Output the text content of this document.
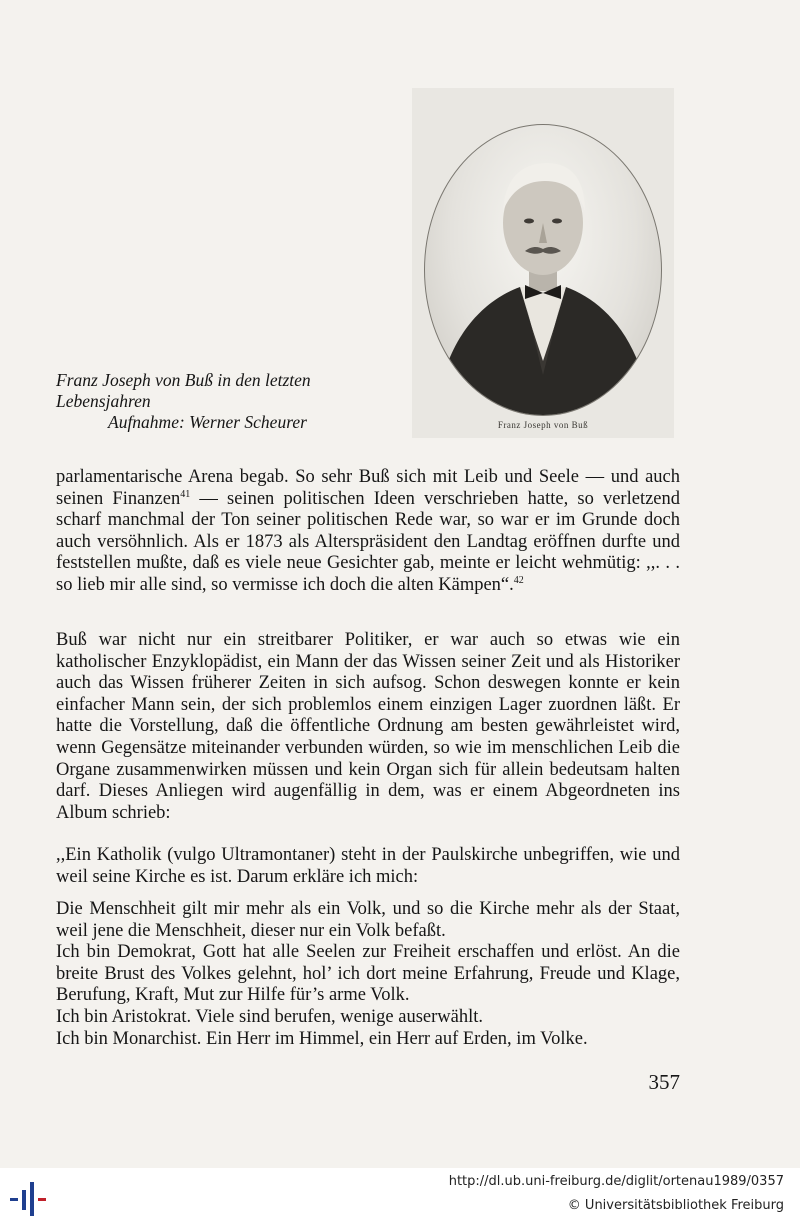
Franz Joseph von Buß
Franz Joseph von Buß in den letzten
Lebensjahren
Aufnahme: Werner Scheurer

parlamentarische Arena begab. So sehr Buß sich mit Leib und Seele — und auch seinen Finanzen$^{41}$ — seinen politischen Ideen verschrieben hatte, so verletzend scharf manchmal der Ton seiner politischen Rede war, so war er im Grunde doch auch versöhnlich. Als er 1873 als Alterspräsident den Landtag eröffnen durfte und feststellen mußte, daß es viele neue Gesichter gab, meinte er leicht wehmütig: ,,. . . so lieb mir alle sind, so vermisse ich doch die alten Kämpen“.$^{42}$

Buß war nicht nur ein streitbarer Politiker, er war auch so etwas wie ein katholischer Enzyklopädist, ein Mann der das Wissen seiner Zeit und als Historiker auch das Wissen früherer Zeiten in sich aufsog. Schon deswegen konnte er kein einfacher Mann sein, der sich problemlos einem einzigen Lager zuordnen läßt. Er hatte die Vorstellung, daß die öffentliche Ordnung am besten gewährleistet wird, wenn Gegensätze miteinander verbunden würden, so wie im menschlichen Leib die Organe zusammenwirken müssen und kein Organ sich für allein bedeutsam halten darf. Dieses Anliegen wird augenfällig in dem, was er einem Abgeordneten ins Album schrieb:

,,Ein Katholik (vulgo Ultramontaner) steht in der Paulskirche unbegriffen, wie und weil seine Kirche es ist. Darum erkläre ich mich:

Die Menschheit gilt mir mehr als ein Volk, und so die Kirche mehr als der Staat, weil jene die Menschheit, dieser nur ein Volk befaßt.
Ich bin Demokrat, Gott hat alle Seelen zur Freiheit erschaffen und erlöst. An die breite Brust des Volkes gelehnt, hol’ ich dort meine Erfahrung, Freude und Klage, Berufung, Kraft, Mut zur Hilfe für’s arme Volk.
Ich bin Aristokrat. Viele sind berufen, wenige auserwählt.
Ich bin Monarchist. Ein Herr im Himmel, ein Herr auf Erden, im Volke.

357
http://dl.ub.uni-freiburg.de/diglit/ortenau1989/0357
© Universitätsbibliothek Freiburg
